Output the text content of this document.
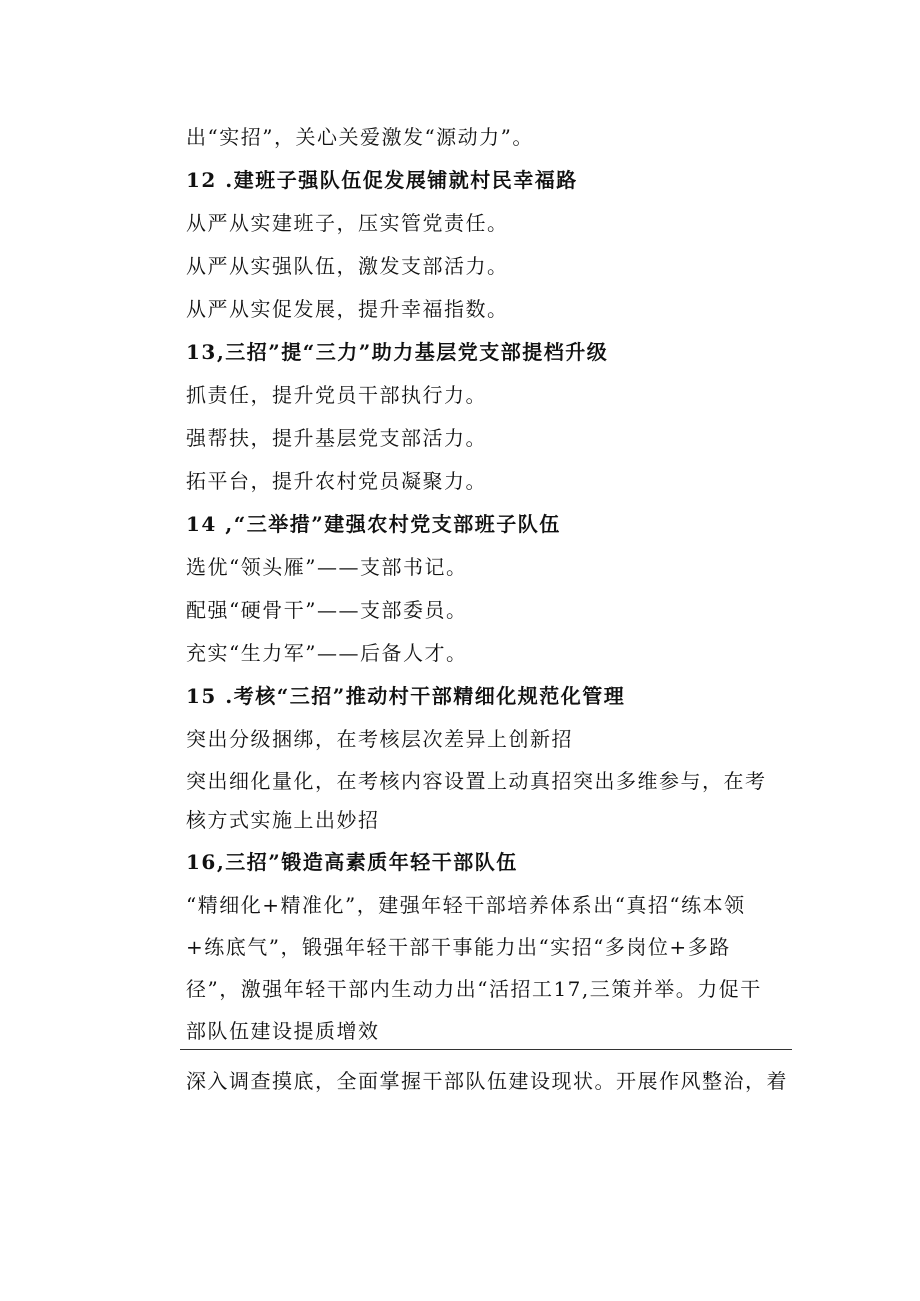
出“实招”，关心关爱激发“源动力”。
12 .建班子强队伍促发展铺就村民幸福路
从严从实建班子，压实管党责任。
从严从实强队伍，激发支部活力。
从严从实促发展，提升幸福指数。
13,三招”提“三力”助力基层党支部提档升级
抓责任，提升党员干部执行力。
强帮扶，提升基层党支部活力。
拓平台，提升农村党员凝聚力。
14 ,“三举措”建强农村党支部班子队伍
选优“领头雁”——支部书记。
配强“硬骨干”——支部委员。
充实“生力军”——后备人才。
15 .考核“三招”推动村干部精细化规范化管理
突出分级捆绑，在考核层次差异上创新招
突出细化量化，在考核内容设置上动真招突出多维参与，在考
核方式实施上出妙招
16,三招”锻造高素质年轻干部队伍
“精细化+精准化”，建强年轻干部培养体系出“真招“练本领
+练底气”，锻强年轻干部干事能力出“实招“多岗位+多路
径”，激强年轻干部内生动力出“活招工17,三策并举。力促干
部队伍建设提质增效
深入调查摸底，全面掌握干部队伍建设现状。开展作风整治，着
